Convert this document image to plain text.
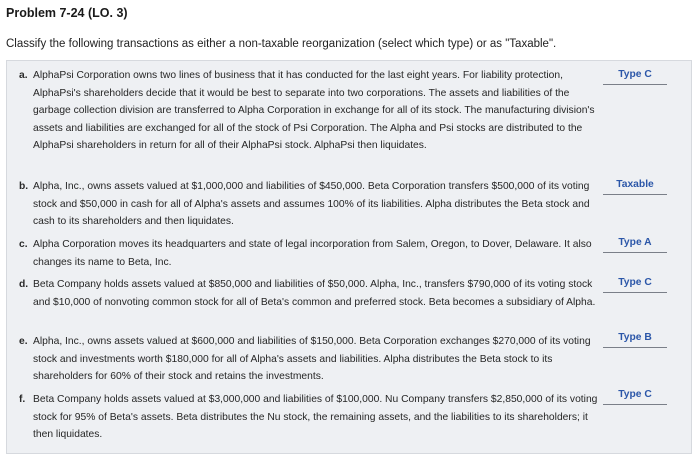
Problem 7-24 (LO. 3)
Classify the following transactions as either a non-taxable reorganization (select which type) or as "Taxable".
a. AlphaPsi Corporation owns two lines of business that it has conducted for the last eight years. For liability protection, AlphaPsi's shareholders decide that it would be best to separate into two corporations. The assets and liabilities of the garbage collection division are transferred to Alpha Corporation in exchange for all of its stock. The manufacturing division's assets and liabilities are exchanged for all of the stock of Psi Corporation. The Alpha and Psi stocks are distributed to the AlphaPsi shareholders in return for all of their AlphaPsi stock. AlphaPsi then liquidates.
Type C
b. Alpha, Inc., owns assets valued at $1,000,000 and liabilities of $450,000. Beta Corporation transfers $500,000 of its voting stock and $50,000 in cash for all of Alpha's assets and assumes 100% of its liabilities. Alpha distributes the Beta stock and cash to its shareholders and then liquidates.
Taxable
c. Alpha Corporation moves its headquarters and state of legal incorporation from Salem, Oregon, to Dover, Delaware. It also changes its name to Beta, Inc.
Type A
d. Beta Company holds assets valued at $850,000 and liabilities of $50,000. Alpha, Inc., transfers $790,000 of its voting stock and $10,000 of nonvoting common stock for all of Beta's common and preferred stock. Beta becomes a subsidiary of Alpha.
Type C
e. Alpha, Inc., owns assets valued at $600,000 and liabilities of $150,000. Beta Corporation exchanges $270,000 of its voting stock and investments worth $180,000 for all of Alpha's assets and liabilities. Alpha distributes the Beta stock to its shareholders for 60% of their stock and retains the investments.
Type B
f. Beta Company holds assets valued at $3,000,000 and liabilities of $100,000. Nu Company transfers $2,850,000 of its voting stock for 95% of Beta's assets. Beta distributes the Nu stock, the remaining assets, and the liabilities to its shareholders; it then liquidates.
Type C
